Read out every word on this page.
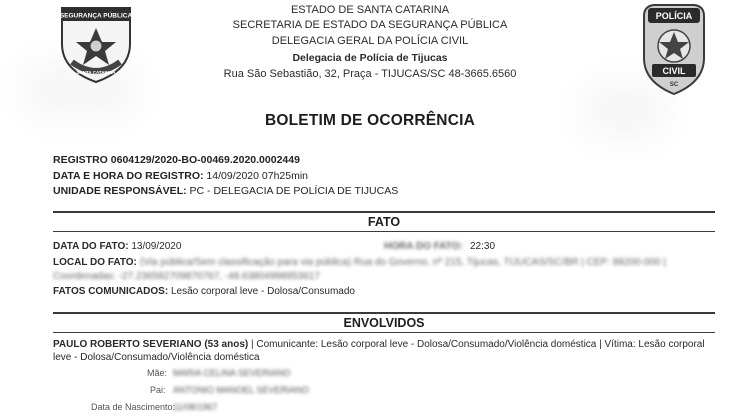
SEGURANÇA PÚBLICA
SANTA CATARINA
POLÍCIA
CIVIL
SC
ESTADO DE SANTA CATARINA
SECRETARIA DE ESTADO DA SEGURANÇA PÚBLICA
DELEGACIA GERAL DA POLÍCIA CIVIL
Delegacia de Polícia de Tijucas
Rua São Sebastião, 32, Praça - TIJUCAS/SC 48-3665.6560
BOLETIM DE OCORRÊNCIA
REGISTRO 0604129/2020-BO-00469.2020.0002449
DATA E HORA DO REGISTRO: 14/09/2020 07h25min
UNIDADE RESPONSÁVEL: PC - DELEGACIA DE POLÍCIA DE TIJUCAS
FATO
DATA DO FATO: 13/09/2020	HORA DO FATO: 22:30
LOCAL DO FATO: (Via pública/Sem classificação para via pública) Rua do Governo, nº 215, Tijucas, TIJUCAS/SC/BR | CEP: 88200-000 |
Coordenadas: -27.2365827098707​67, -48.6380499895​3617
FATOS COMUNICADOS: Lesão corporal leve - Dolosa/Consumado
ENVOLVIDOS
PAULO ROBERTO SEVERIANO (53 anos) | Comunicante: Lesão corporal leve - Dolosa/Consumado/Violência doméstica | Vítima: Lesão corporal leve - Dolosa/Consumado/Violência doméstica
Mãe: MARIA CELINA SEVERIANO
Pai: ANTONIO MANOEL SEVERIANO
Data de Nascimento:
11/08/1967
